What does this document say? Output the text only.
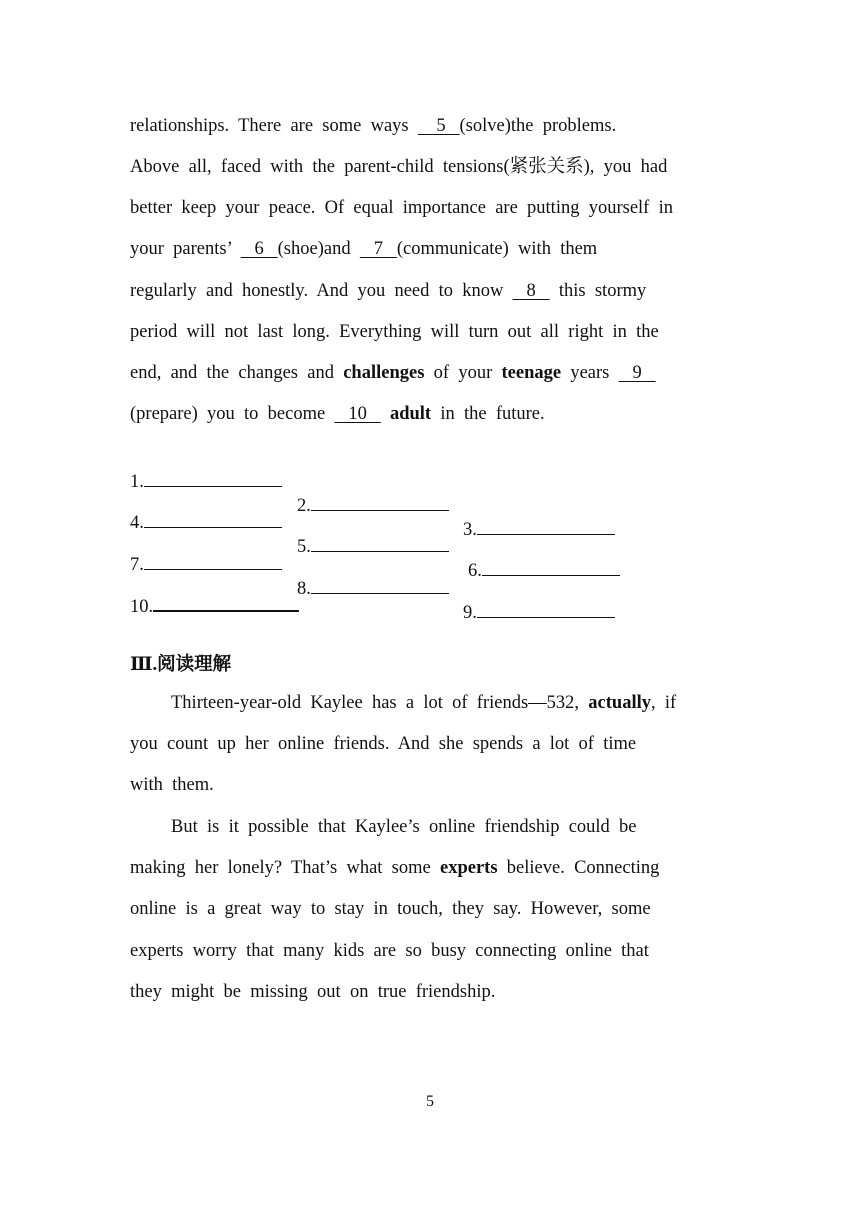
relationships.  There  are  some  ways      5   (solve)the  problems.
Above  all,  faced  with  the  parent-child  tensions(紧张关系),  you  had
better  keep  your  peace.  Of  equal  importance  are  putting  yourself  in
your  parents’     6   (shoe)and     7   (communicate)  with  them
regularly  and  honestly.  And  you  need  to  know     8     this  stormy
period  will  not  last  long.  Everything  will  turn  out  all  right  in  the
end,  and  the  changes  and  challenges  of  your  teenage  years     9
(prepare)  you  to  become     10     adult  in  the  future.

1.

2.

3.

4.

5.

6.

7.

8.

9.

10.

Ⅲ.阅读理解
Thirteen-year-old  Kaylee  has  a  lot  of  friends—532,  actually,  if
you  count  up  her  online  friends.  And  she  spends  a  lot  of  time
with  them.
But  is  it  possible  that  Kaylee’s  online  friendship  could  be
making  her  lonely?  That’s  what  some  experts  believe.  Connecting
online  is  a  great  way  to  stay  in  touch,  they  say.  However,  some
experts  worry  that  many  kids  are  so  busy  connecting  online  that
they  might  be  missing  out  on  true  friendship.
5
